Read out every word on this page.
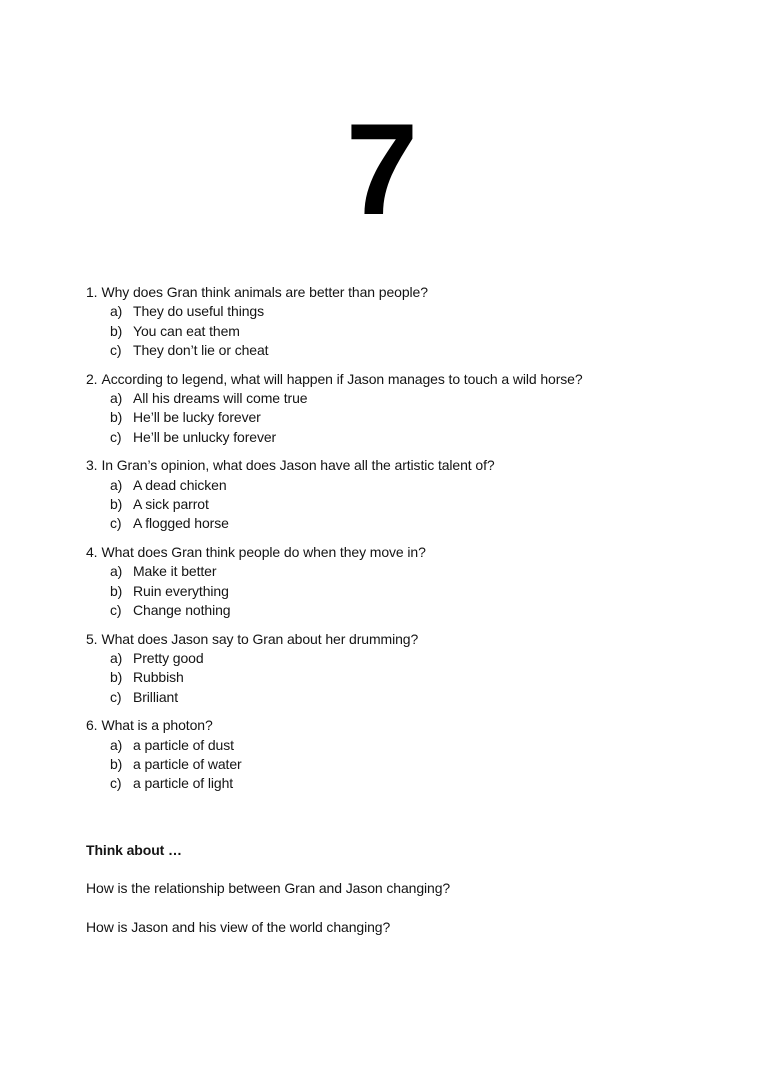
7
1. Why does Gran think animals are better than people?
a) They do useful things
b) You can eat them
c) They don’t lie or cheat
2. According to legend, what will happen if Jason manages to touch a wild horse?
a) All his dreams will come true
b) He’ll be lucky forever
c) He’ll be unlucky forever
3. In Gran’s opinion, what does Jason have all the artistic talent of?
a) A dead chicken
b) A sick parrot
c) A flogged horse
4. What does Gran think people do when they move in?
a) Make it better
b) Ruin everything
c) Change nothing
5. What does Jason say to Gran about her drumming?
a) Pretty good
b) Rubbish
c) Brilliant
6. What is a photon?
a) a particle of dust
b) a particle of water
c) a particle of light

Think about …

How is the relationship between Gran and Jason changing?

How is Jason and his view of the world changing?
